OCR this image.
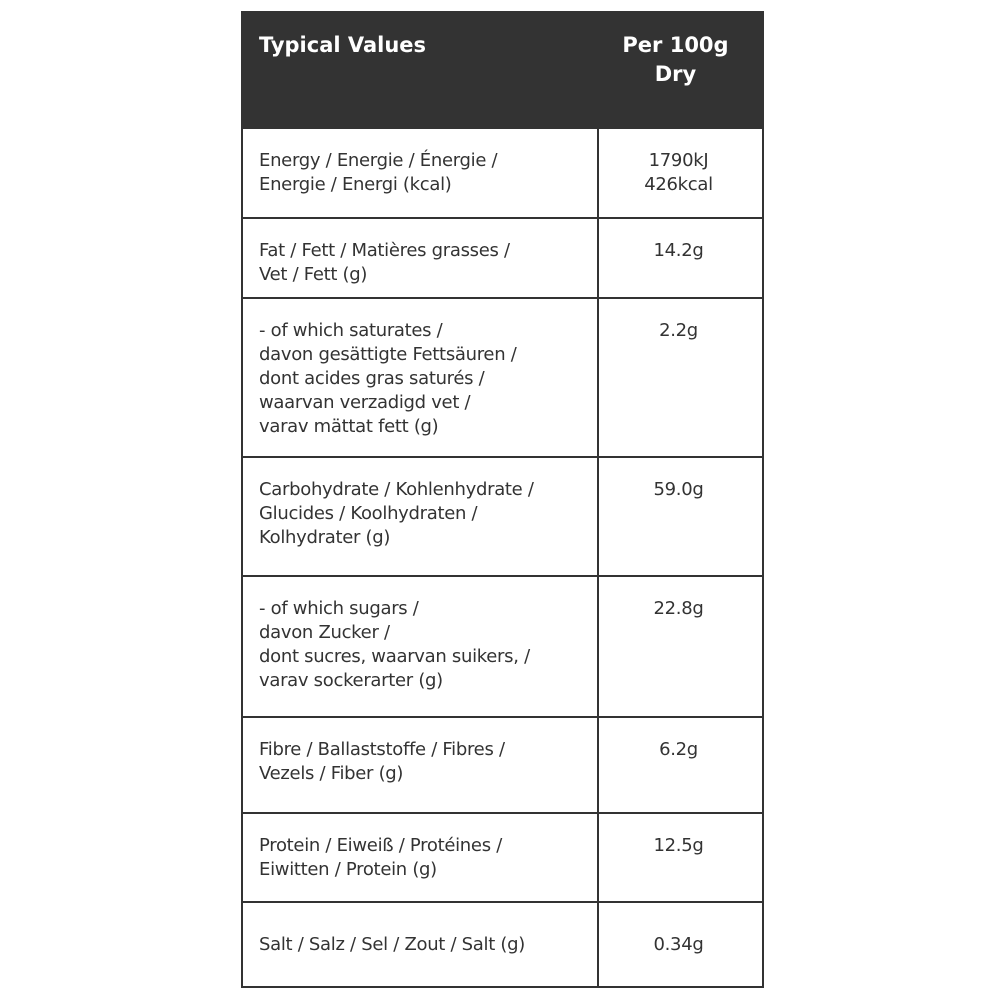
Typical Values	Per 100g Dry
Energy / Energie / Énergie /
Energie / Energi (kcal)
1790kJ
426kcal
Fat / Fett / Matières grasses /
Vet / Fett (g)
14.2g
- of which saturates /
davon gesättigte Fettsäuren /
dont acides gras saturés /
waarvan verzadigd vet /
varav mättat fett (g)
2.2g
Carbohydrate / Kohlenhydrate /
Glucides / Koolhydraten /
Kolhydrater (g)
59.0g
- of which sugars /
davon Zucker /
dont sucres, waarvan suikers, /
varav sockerarter (g)
22.8g
Fibre / Ballaststoffe / Fibres /
Vezels / Fiber (g)
6.2g
Protein / Eiweiß / Protéines /
Eiwitten / Protein (g)
12.5g
Salt / Salz / Sel / Zout / Salt (g)	0.34g
